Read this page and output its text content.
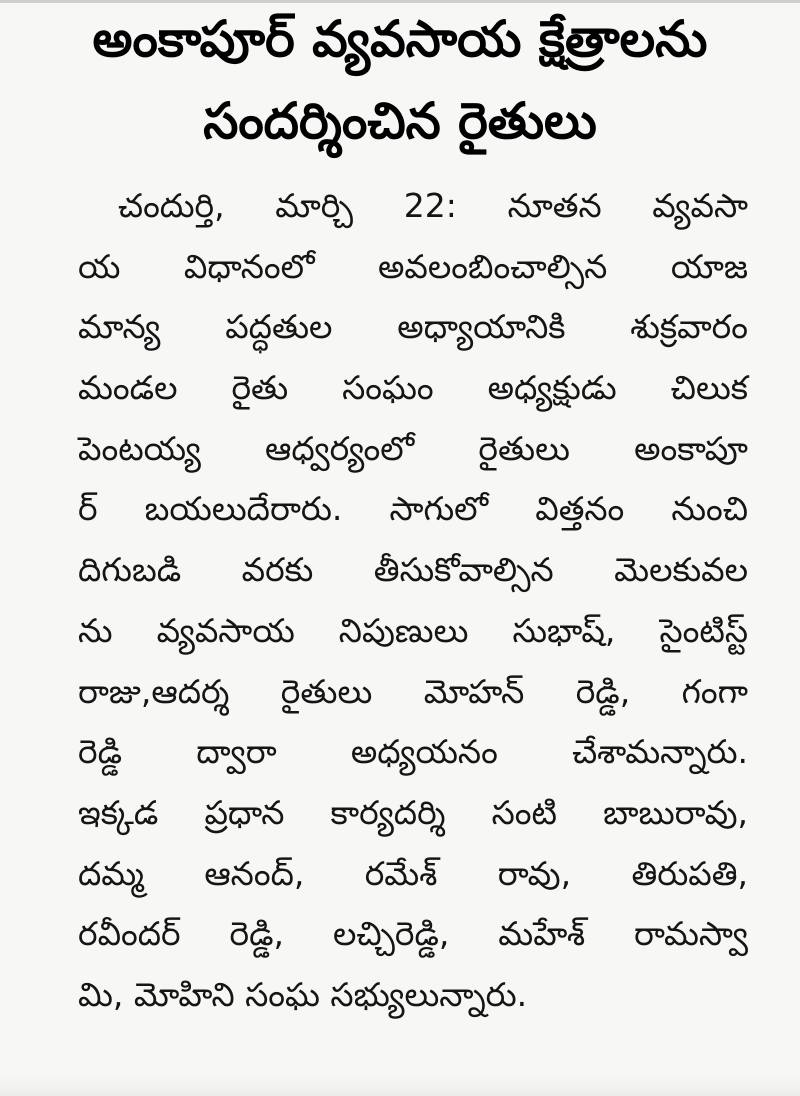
అంకాపూర్ వ్యవసాయ క్షేత్రాలను
సందర్శించిన రైతులు
చందుర్తి, మార్చి 22: నూతన వ్యవసా
య విధానంలో అవలంబించాల్సిన యాజ
మాన్య పద్ధతుల అధ్యాయానికి శుక్రవారం
మండల రైతు సంఘం అధ్యక్షుడు చిలుక
పెంటయ్య ఆధ్వర్యంలో రైతులు అంకాపూ
ర్ బయలుదేరారు. సాగులో విత్తనం నుంచి
దిగుబడి వరకు తీసుకోవాల్సిన మెలకువల
ను వ్యవసాయ నిపుణులు సుభాష్, సైంటిస్ట్
రాజు,ఆదర్శ రైతులు మోహన్ రెడ్డి, గంగా
రెడ్డి ద్వారా అధ్యయనం చేశామన్నారు.
ఇక్కడ ప్రధాన కార్యదర్శి సంటి బాబురావు,
దమ్మ ఆనంద్, రమేశ్ రావు, తిరుపతి,
రవీందర్ రెడ్డి, లచ్చిరెడ్డి, మహేశ్ రామస్వా
మి, మోహిని సంఘ సభ్యులున్నారు.
